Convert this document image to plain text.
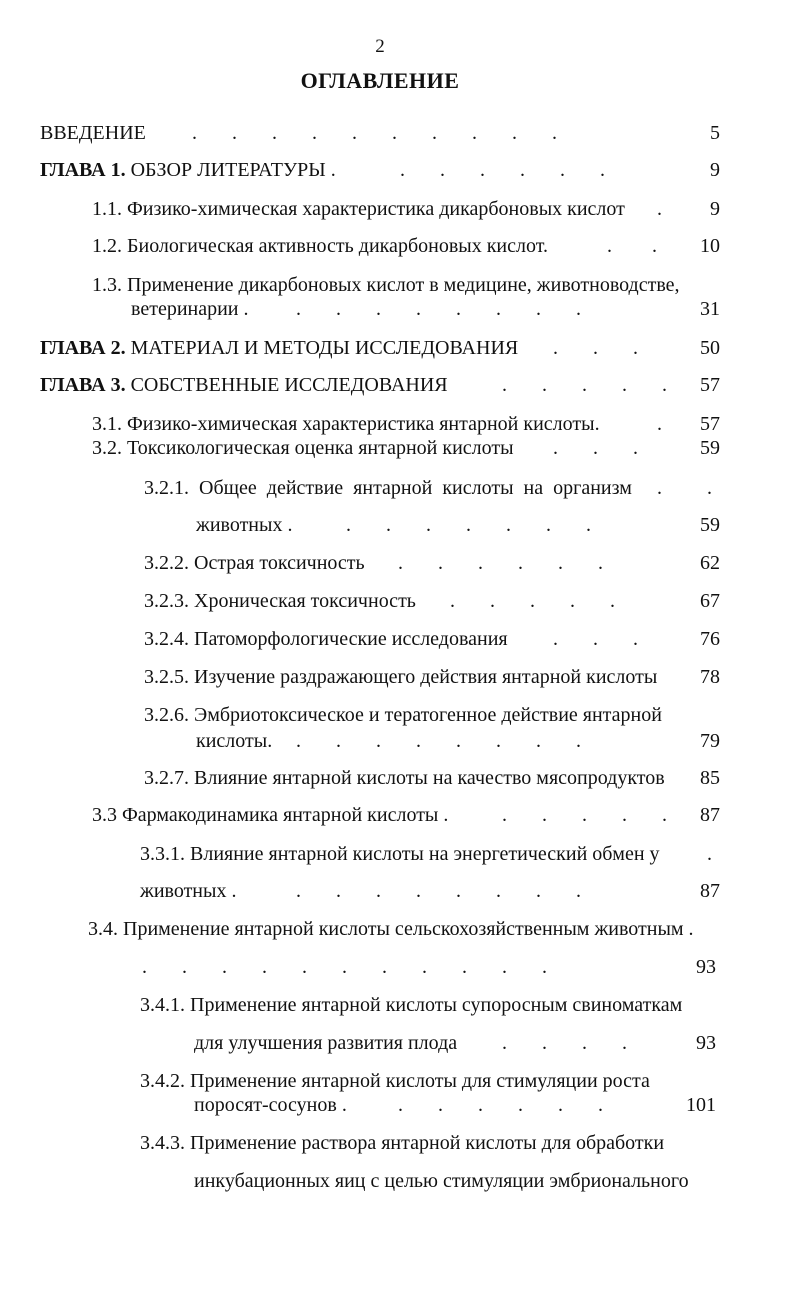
2
ОГЛАВЛЕНИЕ
ВВЕДЕНИЕ .       .       .       .       .       .       .       .       .       .	5
ГЛАВА 1. ОБЗОР ЛИТЕРАТУРЫ .	.       .       .       .       .       .	9
1.1. Физико-химическая характеристика дикарбоновых кислот .	9
1.2. Биологическая активность дикарбоновых кислот.	.        .	10
1.3. Применение дикарбоновых кислот в медицине, животноводстве,
ветеринарии . .       .       .       .       .       .       .       .	31
ГЛАВА 2. МАТЕРИАЛ И МЕТОДЫ ИССЛЕДОВАНИЯ .       .       .	50
ГЛАВА 3. СОБСТВЕННЫЕ ИССЛЕДОВАНИЯ	.       .       .       .       .	57
3.1. Физико-химическая характеристика янтарной кислоты.	.	57
3.2. Токсикологическая оценка янтарной кислоты .       .       .	59
3.2.1. Общее действие янтарной кислоты на организм .         .
животных .	.       .       .       .       .       .       .	59
3.2.2. Острая токсичность .       .       .       .       .       .	62
3.2.3. Хроническая токсичность .       .       .       .       .	67
3.2.4. Патоморфологические исследования .       .       .	76
3.2.5. Изучение раздражающего действия янтарной кислоты	78
3.2.6. Эмбриотоксическое и тератогенное действие янтарной
кислоты. .       .       .       .       .       .       .       .	79
3.2.7. Влияние янтарной кислоты на качество мясопродуктов	85
3.3 Фармакодинамика янтарной кислоты .	.       .       .       .       .	87
3.3.1. Влияние янтарной кислоты на энергетический обмен у .
животных .	.       .       .       .       .       .       .       .	87
3.4. Применение янтарной кислоты сельскохозяйственным животным .
.       .       .       .       .       .       .       .       .       .       .	93
3.4.1. Применение янтарной кислоты супоросным свиноматкам
для улучшения развития плода .       .       .       .	93
3.4.2. Применение янтарной кислоты для стимуляции роста
поросят-сосунов .	.       .       .       .       .       .	101
3.4.3. Применение раствора янтарной кислоты для обработки
инкубационных яиц с целью стимуляции эмбрионального
